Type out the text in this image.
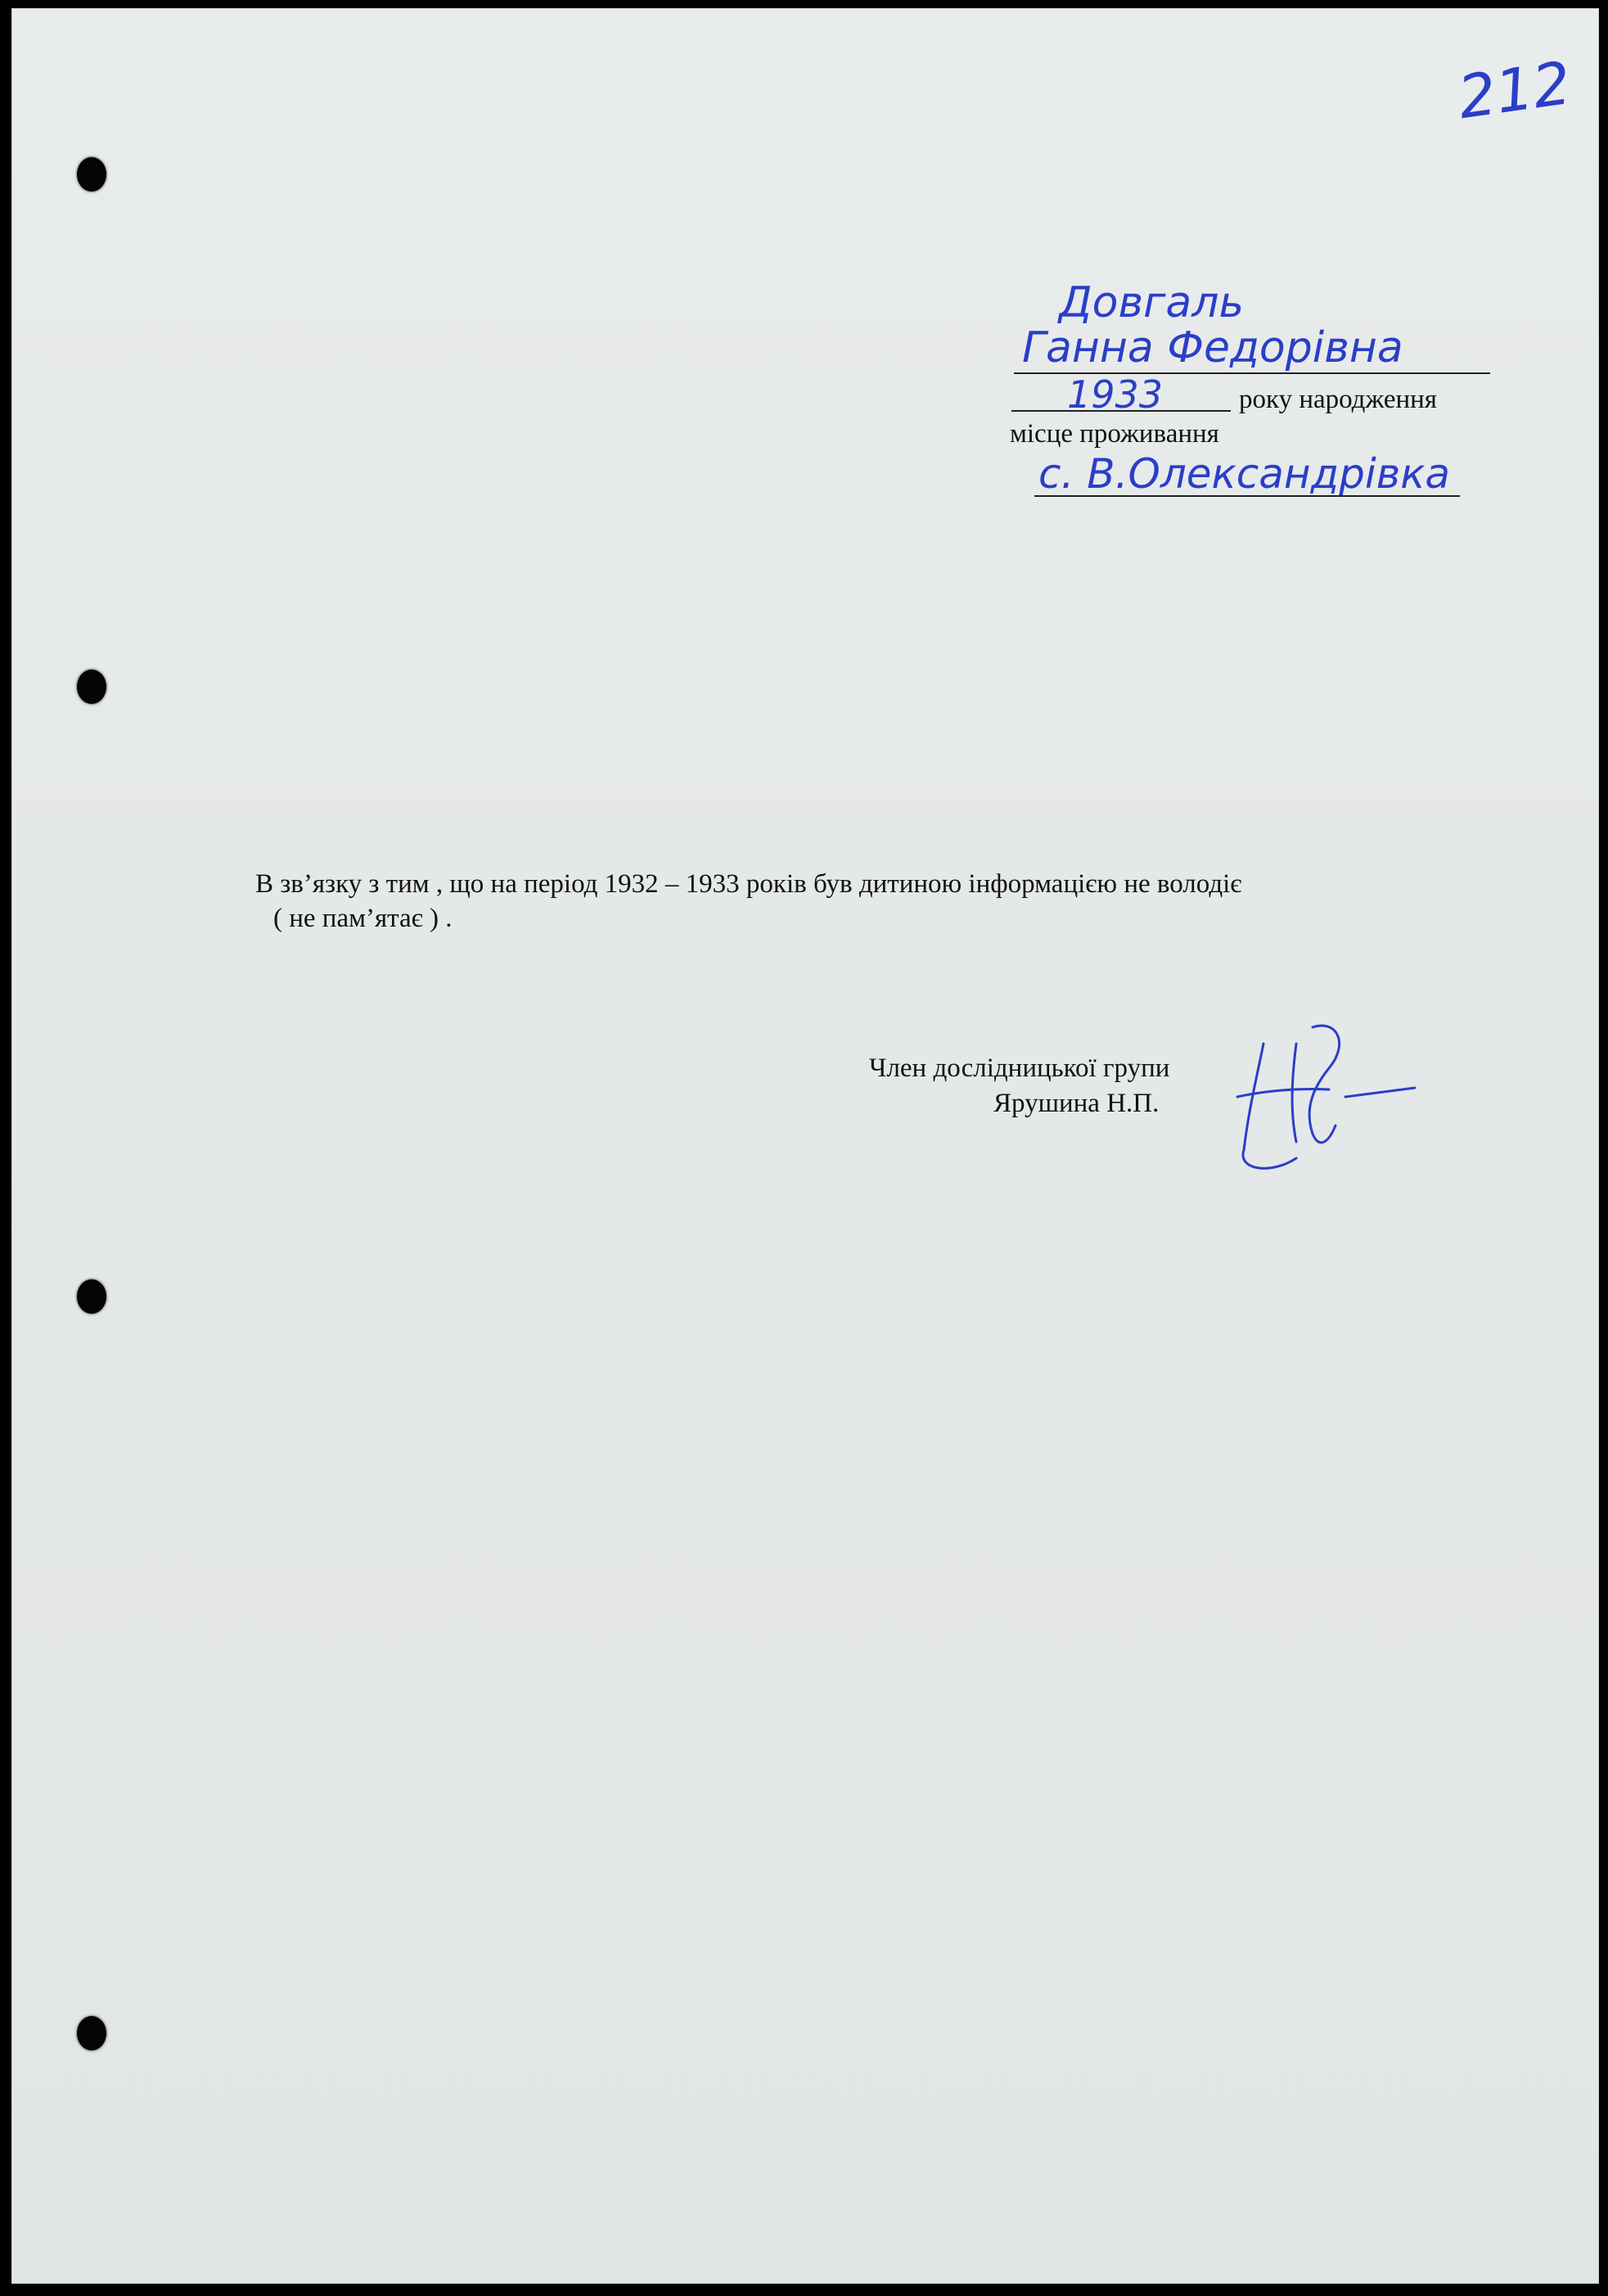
212
Довгаль
Ганна Федорівна
1933	року народження
місце проживання
с. В.Олександрівка
В зв’язку з тим , що на період 1932 – 1933 років був дитиною інформацією не володіє
( не пам’ятає ) .
Член дослідницької групи
Ярушина Н.П.
